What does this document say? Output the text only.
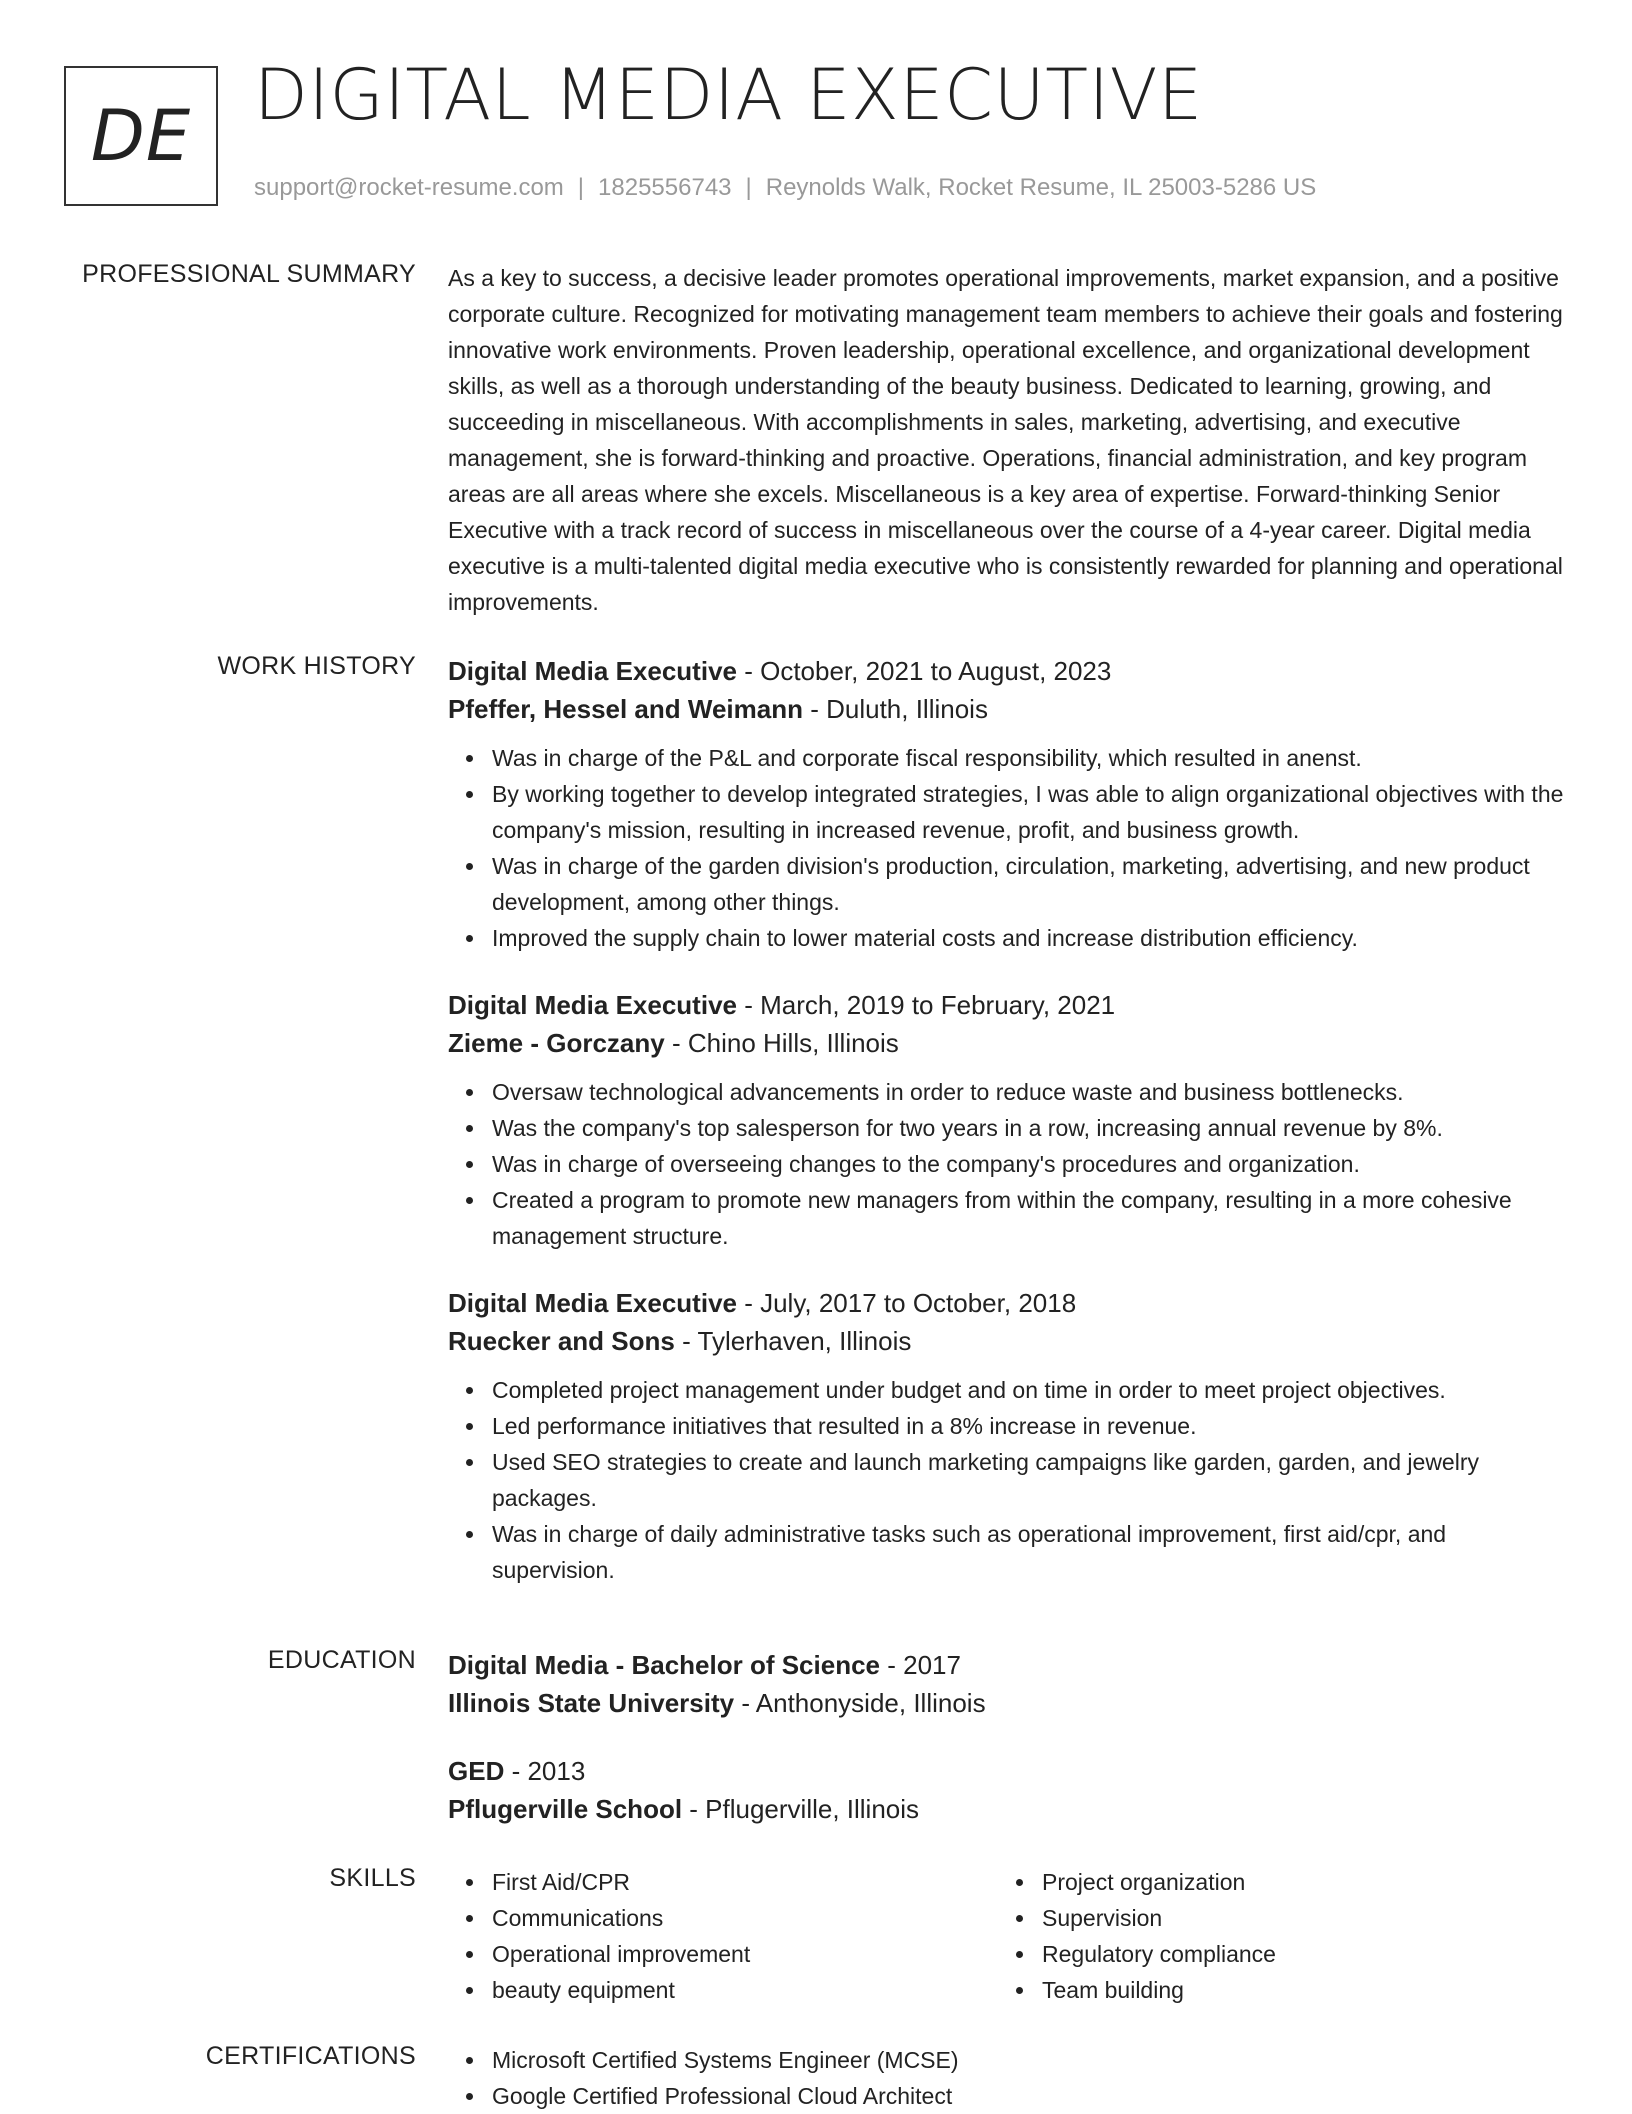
DE DIGITAL MEDIA EXECUTIVE
support@rocket-resume.com | 1825556743 | Reynolds Walk, Rocket Resume, IL 25003-5286 US
PROFESSIONAL SUMMARY As a key to success, a decisive leader promotes operational improvements, market expansion, and a positive corporate culture. Recognized for motivating management team members to achieve their goals and fostering innovative work environments. Proven leadership, operational excellence, and organizational development skills, as well as a thorough understanding of the beauty business. Dedicated to learning, growing, and succeeding in miscellaneous. With accomplishments in sales, marketing, advertising, and executive management, she is forward-thinking and proactive. Operations, financial administration, and key program areas are all areas where she excels. Miscellaneous is a key area of expertise. Forward-thinking Senior Executive with a track record of success in miscellaneous over the course of a 4-year career. Digital media executive is a multi-talented digital media executive who is consistently rewarded for planning and operational improvements.

WORK HISTORY Digital Media Executive - October, 2021 to August, 2023
Pfeffer, Hessel and Weimann - Duluth, Illinois
Was in charge of the P&L and corporate fiscal responsibility, which resulted in anenst.
By working together to develop integrated strategies, I was able to align organizational objectives with the company's mission, resulting in increased revenue, profit, and business growth.
Was in charge of the garden division's production, circulation, marketing, advertising, and new product development, among other things.
Improved the supply chain to lower material costs and increase distribution efficiency.
Digital Media Executive - March, 2019 to February, 2021
Zieme - Gorczany - Chino Hills, Illinois
Oversaw technological advancements in order to reduce waste and business bottlenecks.
Was the company's top salesperson for two years in a row, increasing annual revenue by 8%.
Was in charge of overseeing changes to the company's procedures and organization.
Created a program to promote new managers from within the company, resulting in a more cohesive management structure.
Digital Media Executive - July, 2017 to October, 2018
Ruecker and Sons - Tylerhaven, Illinois
Completed project management under budget and on time in order to meet project objectives.
Led performance initiatives that resulted in a 8% increase in revenue.
Used SEO strategies to create and launch marketing campaigns like garden, garden, and jewelry packages.
Was in charge of daily administrative tasks such as operational improvement, first aid/cpr, and supervision.
EDUCATION Digital Media - Bachelor of Science - 2017
Illinois State University - Anthonyside, Illinois
GED - 2013
Pflugerville School - Pflugerville, Illinois
SKILLS	First Aid/CPR
Communications
Operational improvement
beauty equipment
Project organization
Supervision
Regulatory compliance
Team building
CERTIFICATIONS	Microsoft Certified Systems Engineer (MCSE)
Google Certified Professional Cloud Architect
